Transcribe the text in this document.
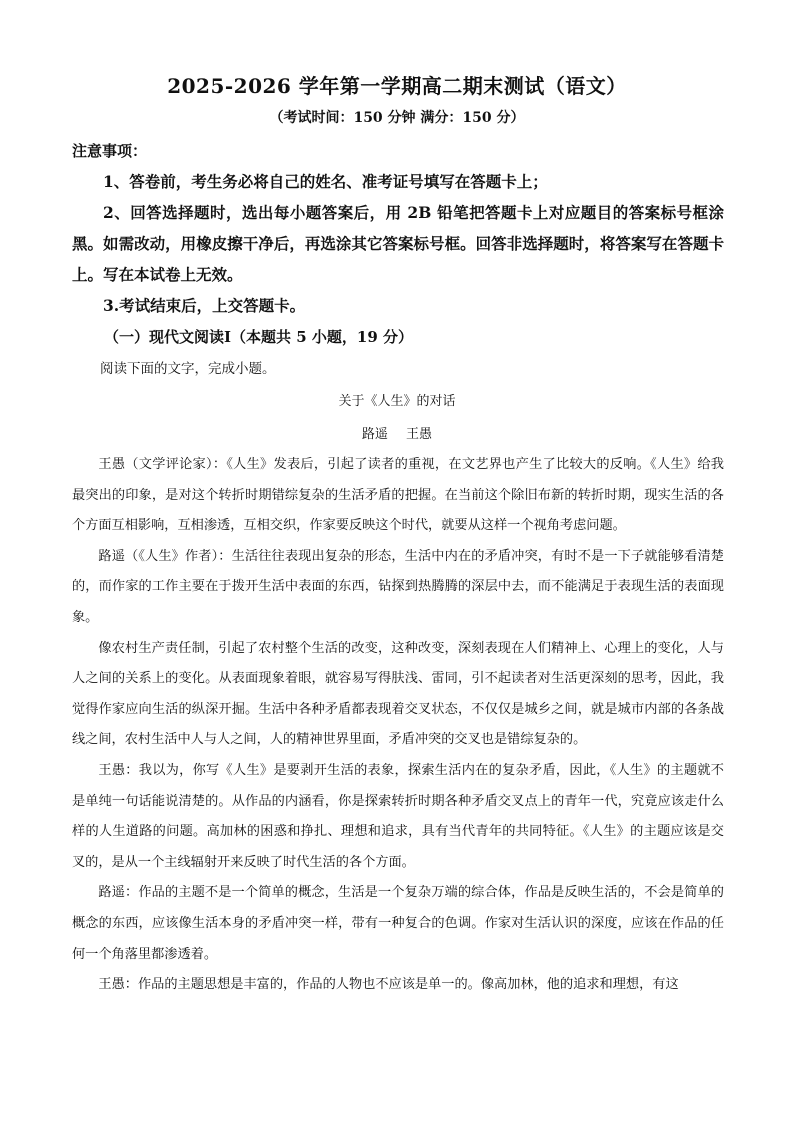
2025-2026 学年第一学期高二期末测试（语文）
（考试时间：150 分钟 满分：150 分）
注意事项：

1、答卷前，考生务必将自己的姓名、准考证号填写在答题卡上；

2、回答选择题时，选出每小题答案后，用 2B 铅笔把答题卡上对应题目的答案标号框涂黑。如需改动，用橡皮擦干净后，再选涂其它答案标号框。回答非选择题时，将答案写在答题卡上。写在本试卷上无效。

3.考试结束后，上交答题卡。

（一）现代文阅读Ⅰ（本题共 5 小题，19 分）
阅读下面的文字，完成小题。
关于《人生》的对话
路遥 王愚

王愚（文学评论家）：《人生》发表后，引起了读者的重视，在文艺界也产生了比较大的反响。《人生》给我最突出的印象，是对这个转折时期错综复杂的生活矛盾的把握。在当前这个除旧布新的转折时期，现实生活的各个方面互相影响，互相渗透，互相交织，作家要反映这个时代，就要从这样一个视角考虑问题。

路遥（《人生》作者）：生活往往表现出复杂的形态，生活中内在的矛盾冲突，有时不是一下子就能够看清楚的，而作家的工作主要在于拨开生活中表面的东西，钻探到热腾腾的深层中去，而不能满足于表现生活的表面现象。

像农村生产责任制，引起了农村整个生活的改变，这种改变，深刻表现在人们精神上、心理上的变化，人与人之间的关系上的变化。从表面现象着眼，就容易写得肤浅、雷同，引不起读者对生活更深刻的思考，因此，我觉得作家应向生活的纵深开掘。生活中各种矛盾都表现着交叉状态，不仅仅是城乡之间，就是城市内部的各条战线之间，农村生活中人与人之间，人的精神世界里面，矛盾冲突的交叉也是错综复杂的。

王愚：我以为，你写《人生》是要剥开生活的表象，探索生活内在的复杂矛盾，因此，《人生》的主题就不是单纯一句话能说清楚的。从作品的内涵看，你是探索转折时期各种矛盾交叉点上的青年一代，究竟应该走什么样的人生道路的问题。高加林的困惑和挣扎、理想和追求，具有当代青年的共同特征。《人生》的主题应该是交叉的，是从一个主线辐射开来反映了时代生活的各个方面。

路遥：作品的主题不是一个简单的概念，生活是一个复杂万端的综合体，作品是反映生活的，不会是简单的概念的东西，应该像生活本身的矛盾冲突一样，带有一种复合的色调。作家对生活认识的深度，应该在作品的任何一个角落里都渗透着。

王愚：作品的主题思想是丰富的，作品的人物也不应该是单一的。像高加林，他的追求和理想，有这
